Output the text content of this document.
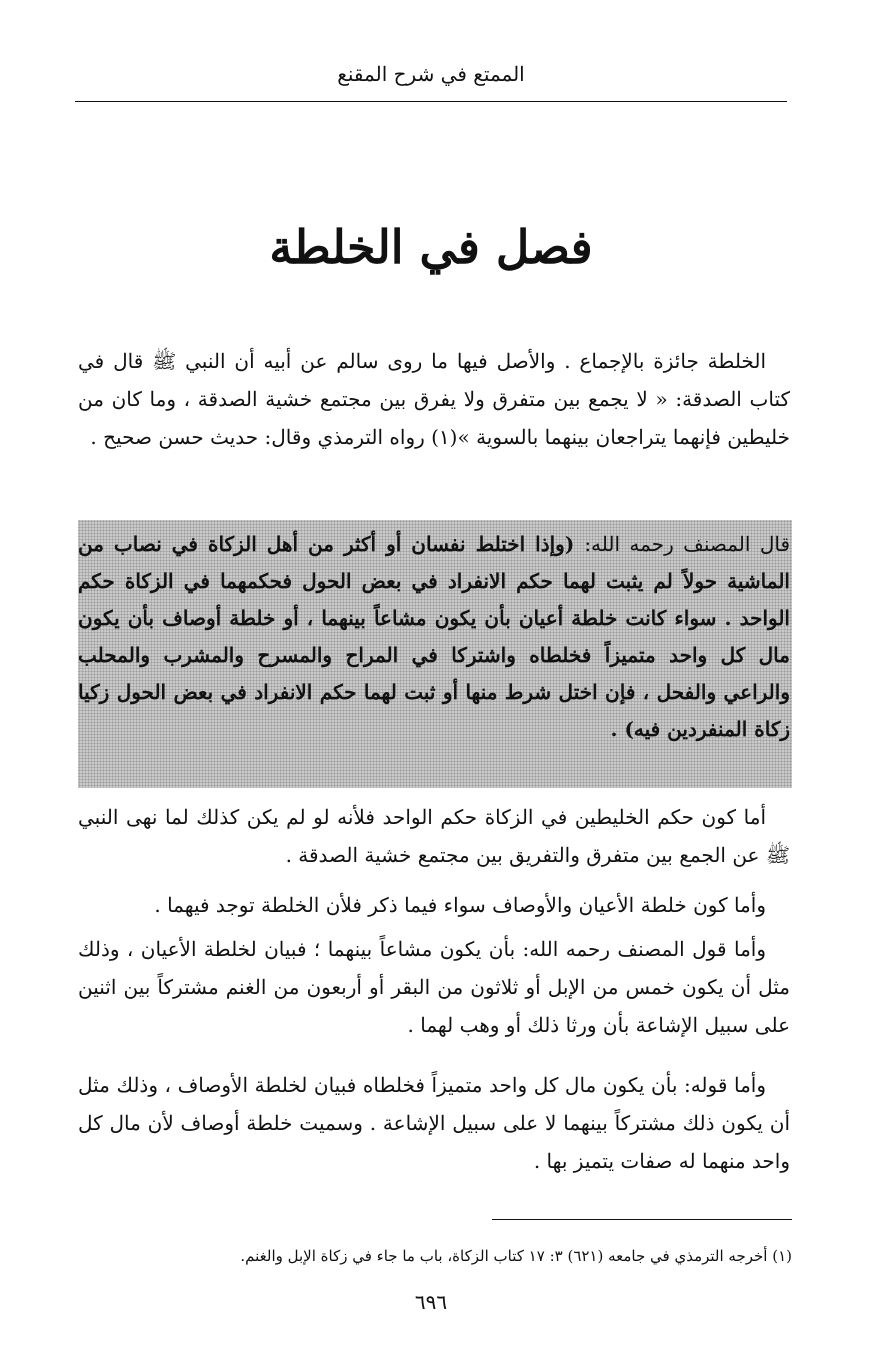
الممتع في شرح المقنع
فصل في الخلطة
الخلطة جائزة بالإجماع . والأصل فيها ما روى سالم عن أبيه أن النبي ﷺ قال في كتاب الصدقة: « لا يجمع بين متفرق ولا يفرق بين مجتمع خشية الصدقة ، وما كان من خليطين فإنهما يتراجعان بينهما بالسوية »(١) رواه الترمذي وقال: حديث حسن صحيح .
قال المصنف رحمه الله: (وإذا اختلط نفسان أو أكثر من أهل الزكاة في نصاب من الماشية حولاً لم يثبت لهما حكم الانفراد في بعض الحول فحكمهما في الزكاة حكم الواحد . سواء كانت خلطة أعيان بأن يكون مشاعاً بينهما ، أو خلطة أوصاف بأن يكون مال كل واحد متميزاً فخلطاه واشتركا في المراح والمسرح والمشرب والمحلب والراعي والفحل ، فإن اختل شرط منها أو ثبت لهما حكم الانفراد في بعض الحول زكيا زكاة المنفردين فيه) .
أما كون حكم الخليطين في الزكاة حكم الواحد فلأنه لو لم يكن كذلك لما نهى النبي ﷺ عن الجمع بين متفرق والتفريق بين مجتمع خشية الصدقة .
وأما كون خلطة الأعيان والأوصاف سواء فيما ذكر فلأن الخلطة توجد فيهما .
وأما قول المصنف رحمه الله: بأن يكون مشاعاً بينهما ؛ فبيان لخلطة الأعيان ، وذلك مثل أن يكون خمس من الإبل أو ثلاثون من البقر أو أربعون من الغنم مشتركاً بين اثنين على سبيل الإشاعة بأن ورثا ذلك أو وهب لهما .
وأما قوله: بأن يكون مال كل واحد متميزاً فخلطاه فبيان لخلطة الأوصاف ، وذلك مثل أن يكون ذلك مشتركاً بينهما لا على سبيل الإشاعة . وسميت خلطة أوصاف لأن مال كل واحد منهما له صفات يتميز بها .
(١) أخرجه الترمذي في جامعه (٦٢١) ٣: ١٧ كتاب الزكاة، باب ما جاء في زكاة الإبل والغنم.
٦٩٦
